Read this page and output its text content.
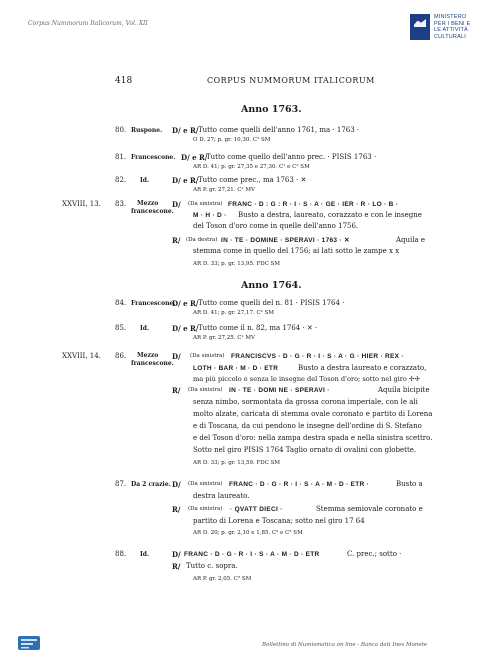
Corpus Nummorum Italicorum, Vol. XII
MINISTERO
PER I BENI E
LE ATTIVITÀ
CULTURALI
418	CORPUS NUMMORUM ITALICORUM
Anno 1763.
80. Ruspone. D/ e R/ Tutto come quelli dell'anno 1761, ma · 1763 ·
O D. 27; p. gr. 10,30. C¹ SM
81. Francescone. D/ e R/
Tutto come quello dell'anno prec. · PISIS 1763 ·
AR D. 41; p. gr. 27,35 e 27,30. C¹ e C² SM
82. Id.	D/ e R/ Tutto come prec., ma 1763 · ✕
AR P. gr. 27,21. C¹ MV
XXVIII, 13. 83. Mezzo
francescone.
D/ (Da sinistra) FRANC · D : G : R · I · S · A · GE · IER · R · LO · B ·
M · H · D · Busto a destra, laureato, corazzato e con le insegne
del Toson d'oro come in quelle dell'anno 1756.
R/ (Da destra) IN · TE · DOMINE · SPERAVI · 1763 · ✕	Aquila e
stemma come in quello del 1756; ai lati sotto le zampe x x
AR D. 33; p. gr. 13,95. FDC SM
Anno 1764.
84. Francescone.
D/ e R/ Tutto come quelli del n. 81 · PISIS 1764 ·
AR D. 41; p. gr. 27,17. C² SM
85. Id.	D/ e R/ Tutto come il n. 82, ma 1764 · ✕ ·
AR P. gr. 27,25. C¹ MV
XXVIII, 14. 86. Mezzo
francescone.
D/ (Da sinistra) FRANCISCVS · D · G · R · I · S · A · G · HIER · REX ·
LOTH · BAR · M · D · ETR	Busto a destra laureato e corazzato,
ma più piccolo e senza le insegne del Toson d'oro; sotto nel giro ✢✢
R/ (Da sinistra) IN · TE · DOMI NE · SPERAVI ·	Aquila bicipite
senza nimbo, sormontata da grossa corona imperiale, con le ali
molto alzate, caricata di stemma ovale coronato e partito di Lorena
e di Toscana, da cui pendono le insegne dell'ordine di S. Stefano
e del Toson d'oro: nella zampa destra spada e nella sinistra scettro.
Sotto nel giro PISIS 1764 Taglio ornato di ovalini con globette.
AR D. 33; p. gr. 13,59. FDC SM
87. Da 2 crazie. D/ (Da sinistra) FRANC · D · G · R · I · S · A · M · D · ETR ·	Busto a
destra laureato.
R/ (Da sinistra) · QVATT DIECI ·	Stemma semiovale coronato e
partito di Lorena e Toscana; sotto nel giro 17 64
AR D. 20; p. gr. 2,10 e 1,85. C² e C³ SM
88. Id.	D/ FRANC · D · G · R · I · S · A · M · D · ETR	C. prec.; sotto ·
R/ Tutto c. sopra.
AR P. gr. 2,05. C³ SM
Bollettino di Numismatica on line - Banca dati Ines Monete
